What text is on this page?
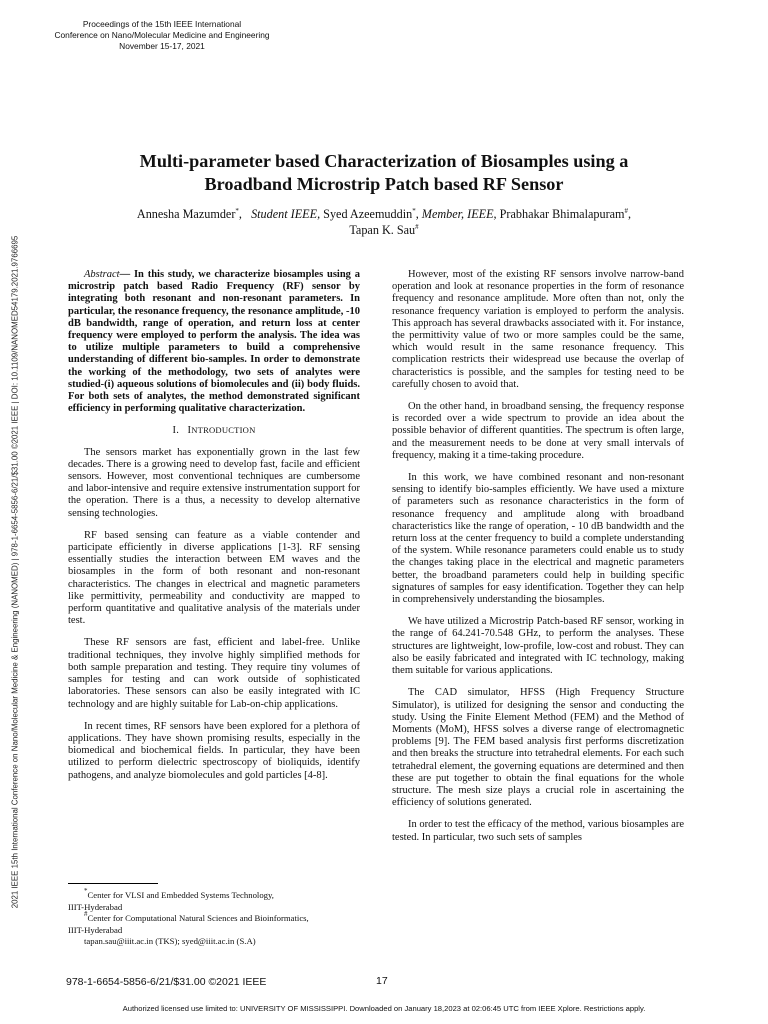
Proceedings of the 15th IEEE International
Conference on Nano/Molecular Medicine and Engineering
November 15-17, 2021
2021 IEEE 15th International Conference on Nano/Molecular Medicine & Engineering (NANOMED) | 978-1-6654-5856-6/21/$31.00 ©2021 IEEE | DOI: 10.1109/NANOMED54179.2021.9766695
Multi-parameter based Characterization of Biosamples using a
Broadband Microstrip Patch based RF Sensor
Annesha Mazumder*,   Student IEEE, Syed Azeemuddin*, Member, IEEE, Prabhakar Bhimalapuram#,
Tapan K. Sau#
Abstract— In this study, we characterize biosamples using a microstrip patch based Radio Frequency (RF) sensor by integrating both resonant and non-resonant parameters. In particular, the resonance frequency, the resonance amplitude, -10 dB bandwidth, range of operation, and return loss at center frequency were employed to perform the analysis. The idea was to utilize multiple parameters to build a comprehensive understanding of different bio-samples. In order to demonstrate the working of the methodology, two sets of analytes were studied-(i) aqueous solutions of biomolecules and (ii) body fluids. For both sets of analytes, the method demonstrated significant efficiency in performing qualitative characterization.
I. INTRODUCTION

The sensors market has exponentially grown in the last few decades. There is a growing need to develop fast, facile and efficient sensors. However, most conventional techniques are cumbersome and labor-intensive and require extensive instrumentation support for the operation. There is a thus, a necessity to develop alternative sensing technologies.

RF based sensing can feature as a viable contender and participate efficiently in diverse applications [1-3]. RF sensing essentially studies the interaction between EM waves and the biosamples in the form of both resonant and non-resonant characteristics. The changes in electrical and magnetic parameters like permittivity, permeability and conductivity are mapped to perform quantitative and qualitative analysis of the materials under test.

These RF sensors are fast, efficient and label-free. Unlike traditional techniques, they involve highly simplified methods for both sample preparation and testing. They require tiny volumes of samples for testing and can work outside of sophisticated laboratories. These sensors can also be easily integrated with IC technology and are highly suitable for Lab-on-chip applications.

In recent times, RF sensors have been explored for a plethora of applications. They have shown promising results, especially in the biomedical and biochemical fields. In particular, they have been utilized to perform dielectric spectroscopy of bioliquids, identify pathogens, and analyze biomolecules and gold particles [4-8].

However, most of the existing RF sensors involve narrow-band operation and look at resonance properties in the form of resonance frequency and resonance amplitude. More often than not, only the resonance frequency variation is employed to perform the analysis. This approach has several drawbacks associated with it. For instance, the permittivity value of two or more samples could be the same, which would result in the same resonance frequency. This complication restricts their widespread use because the overlap of characteristics is possible, and the samples for testing need to be carefully chosen to avoid that.

On the other hand, in broadband sensing, the frequency response is recorded over a wide spectrum to provide an idea about the possible behavior of different quantities. The spectrum is often large, and the measurement needs to be done at very small intervals of frequency, making it a time-taking procedure.

In this work, we have combined resonant and non-resonant sensing to identify bio-samples efficiently. We have used a mixture of parameters such as resonance characteristics in the form of resonance frequency and amplitude along with broadband characteristics like the range of operation, - 10 dB bandwidth and the return loss at the center frequency to build a complete understanding of the system. While resonance parameters could enable us to study the changes taking place in the electrical and magnetic parameters better, the broadband parameters could help in building specific signatures of samples for easy identification. Together they can help in comprehensively understanding the biosamples.

We have utilized a Microstrip Patch-based RF sensor, working in the range of 64.241-70.548 GHz, to perform the analyses. These structures are lightweight, low-profile, low-cost and robust. They can also be easily fabricated and integrated with IC technology, making them suitable for various applications.

The CAD simulator, HFSS (High Frequency Structure Simulator), is utilized for designing the sensor and conducting the study. Using the Finite Element Method (FEM) and the Method of Moments (MoM), HFSS solves a diverse range of electromagnetic problems [9]. The FEM based analysis first performs discretization and then breaks the structure into tetrahedral elements. For each such tetrahedral element, the governing equations are determined and then these are put together to obtain the final equations for the whole structure. The mesh size plays a crucial role in ascertaining the efficiency of solutions generated.

In order to test the efficacy of the method, various biosamples are tested. In particular, two such sets of samples

*Center for VLSI and Embedded Systems Technology,
IIIT-Hyderabad
#Center for Computational Natural Sciences and Bioinformatics,
IIIT-Hyderabad
tapan.sau@iiit.ac.in (TKS); syed@iiit.ac.in (S.A)
978-1-6654-5856-6/21/$31.00 ©2021 IEEE	17
Authorized licensed use limited to: UNIVERSITY OF MISSISSIPPI. Downloaded on January 18,2023 at 02:06:45 UTC from IEEE Xplore. Restrictions apply.
